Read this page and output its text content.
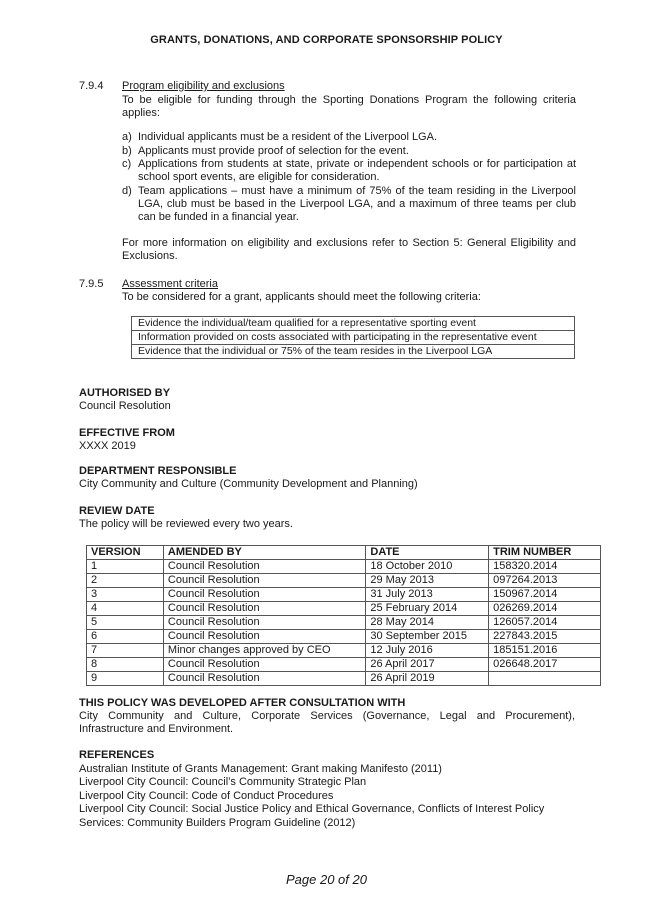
GRANTS, DONATIONS, AND CORPORATE SPONSORSHIP POLICY
7.9.4 Program eligibility and exclusions
To be eligible for funding through the Sporting Donations Program the following criteria applies:
a) Individual applicants must be a resident of the Liverpool LGA.
b) Applicants must provide proof of selection for the event.
c) Applications from students at state, private or independent schools or for participation at school sport events, are eligible for consideration.
d) Team applications – must have a minimum of 75% of the team residing in the Liverpool LGA, club must be based in the Liverpool LGA, and a maximum of three teams per club can be funded in a financial year.
For more information on eligibility and exclusions refer to Section 5: General Eligibility and Exclusions.
7.9.5 Assessment criteria
To be considered for a grant, applicants should meet the following criteria:
Evidence the individual/team qualified for a representative sporting event
Information provided on costs associated with participating in the representative event
Evidence that the individual or 75% of the team resides in the Liverpool LGA
AUTHORISED BY
Council Resolution
EFFECTIVE FROM
XXXX 2019
DEPARTMENT RESPONSIBLE
City Community and Culture (Community Development and Planning)
REVIEW DATE
The policy will be reviewed every two years.
VERSION	AMENDED BY	DATE	TRIM NUMBER
1	Council Resolution	18 October 2010	158320.2014
2	Council Resolution	29 May 2013	097264.2013
3	Council Resolution	31 July 2013	150967.2014
4	Council Resolution	25 February 2014	026269.2014
5	Council Resolution	28 May 2014	126057.2014
6	Council Resolution	30 September 2015	227843.2015
7	Minor changes approved by CEO	12 July 2016	185151.2016
8	Council Resolution	26 April 2017	026648.2017
9	Council Resolution	26 April 2019	
THIS POLICY WAS DEVELOPED AFTER CONSULTATION WITH
City Community and Culture, Corporate Services (Governance, Legal and Procurement), Infrastructure and Environment.
REFERENCES
Australian Institute of Grants Management: Grant making Manifesto (2011)
Liverpool City Council: Council’s Community Strategic Plan
Liverpool City Council: Code of Conduct Procedures
Liverpool City Council: Social Justice Policy and Ethical Governance, Conflicts of Interest Policy
Services: Community Builders Program Guideline (2012)
Page 20 of 20
